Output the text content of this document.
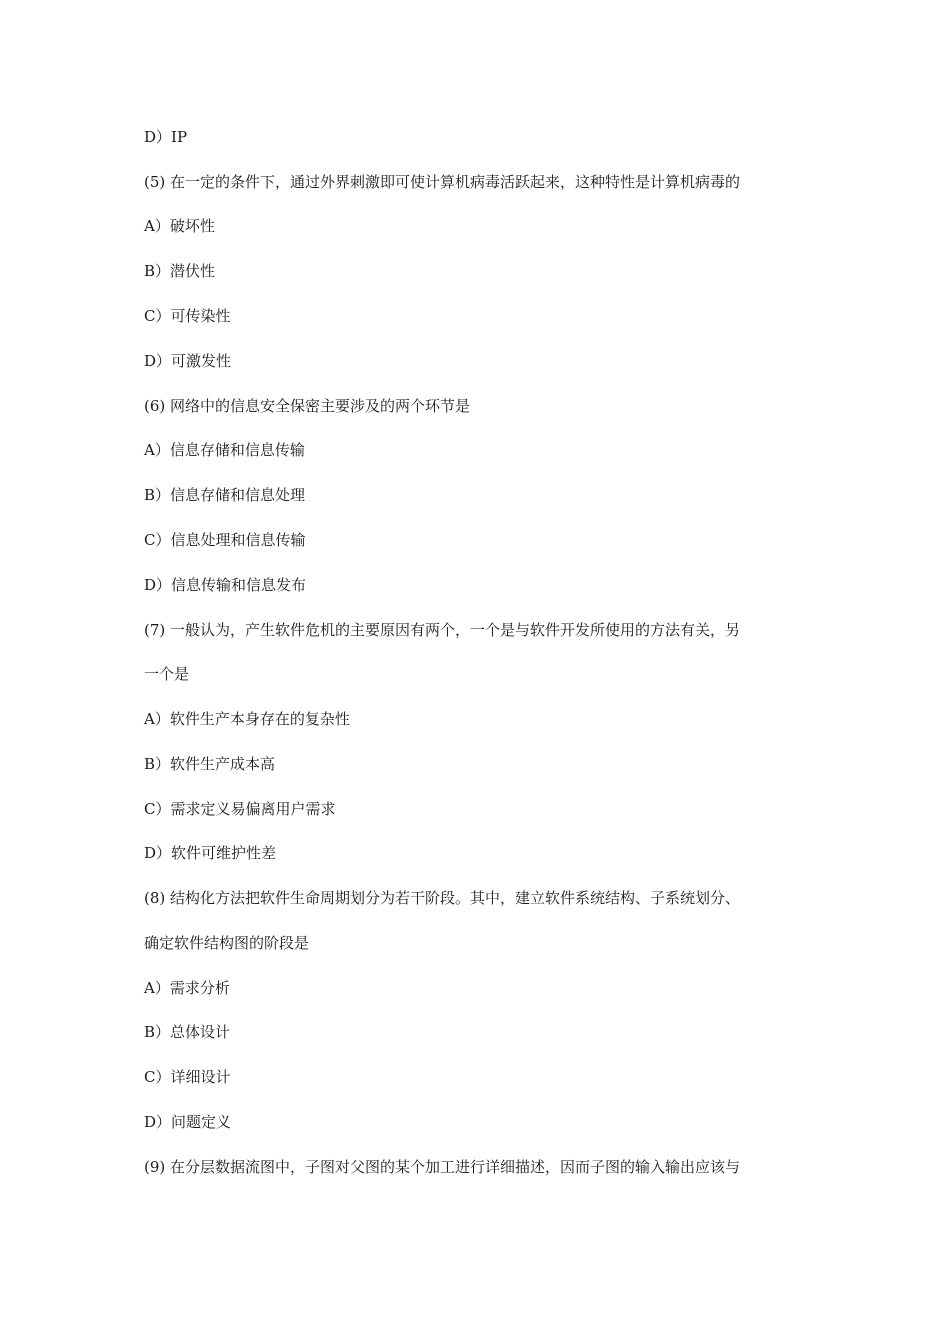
D）IP
(5) 在一定的条件下，通过外界刺激即可使计算机病毒活跃起来，这种特性是计算机病毒的
A）破坏性
B）潜伏性
C）可传染性
D）可激发性
(6) 网络中的信息安全保密主要涉及的两个环节是
A）信息存储和信息传输
B）信息存储和信息处理
C）信息处理和信息传输
D）信息传输和信息发布
(7) 一般认为，产生软件危机的主要原因有两个，一个是与软件开发所使用的方法有关，另
一个是
A）软件生产本身存在的复杂性
B）软件生产成本高
C）需求定义易偏离用户需求
D）软件可维护性差
(8) 结构化方法把软件生命周期划分为若干阶段。其中，建立软件系统结构、子系统划分、
确定软件结构图的阶段是
A）需求分析
B）总体设计
C）详细设计
D）问题定义
(9) 在分层数据流图中，子图对父图的某个加工进行详细描述，因而子图的输入输出应该与
